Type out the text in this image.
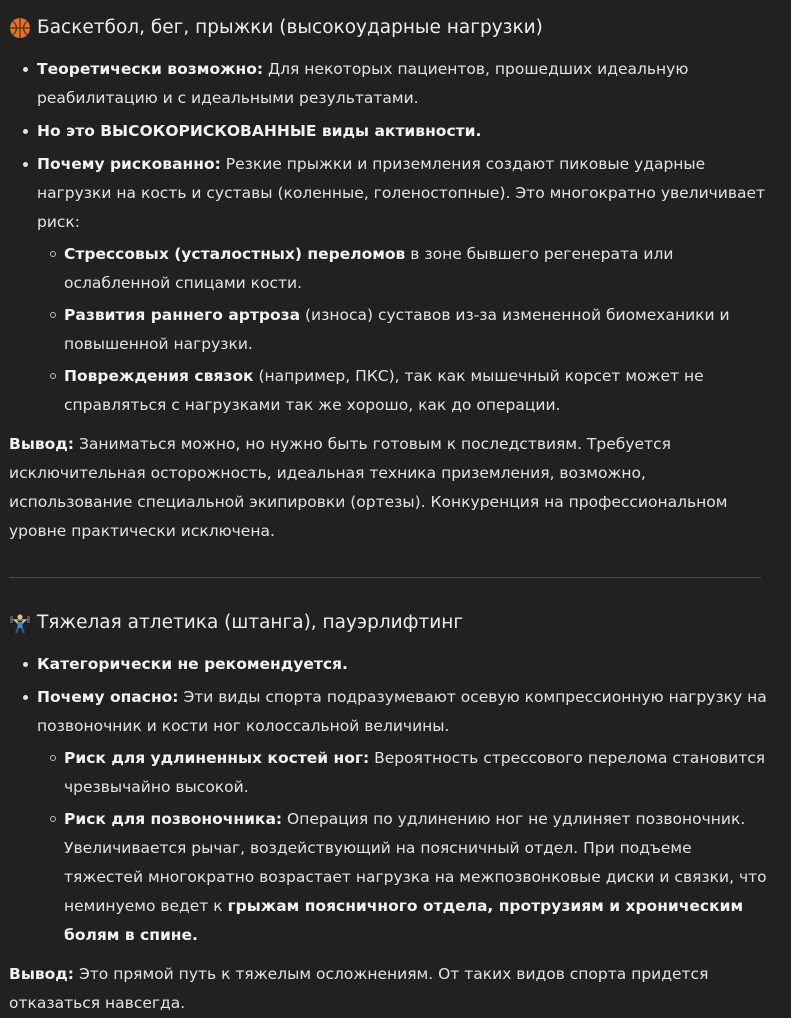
Баскетбол, бег, прыжки (высокоударные нагрузки)
Теоретически возможно: Для некоторых пациентов, прошедших идеальную реабилитацию и с идеальными результатами.
Но это ВЫСОКОРИСКОВАННЫЕ виды активности.
Почему рискованно: Резкие прыжки и приземления создают пиковые ударные нагрузки на кость и суставы (коленные, голеностопные). Это многократно увеличивает риск:
Стрессовых (усталостных) переломов в зоне бывшего регенерата или ослабленной спицами кости.
Развития раннего артроза (износа) суставов из-за измененной биомеханики и повышенной нагрузки.
Повреждения связок (например, ПКС), так как мышечный корсет может не справляться с нагрузками так же хорошо, как до операции.

Вывод: Заниматься можно, но нужно быть готовым к последствиям. Требуется исключительная осторожность, идеальная техника приземления, возможно, использование специальной экипировки (ортезы). Конкуренция на профессиональном уровне практически исключена.

Тяжелая атлетика (штанга), пауэрлифтинг
Категорически не рекомендуется.
Почему опасно: Эти виды спорта подразумевают осевую компрессионную нагрузку на позвоночник и кости ног колоссальной величины.
Риск для удлиненных костей ног: Вероятность стрессового перелома становится чрезвычайно высокой.
Риск для позвоночника: Операция по удлинению ног не удлиняет позвоночник. Увеличивается рычаг, воздействующий на поясничный отдел. При подъеме тяжестей многократно возрастает нагрузка на межпозвонковые диски и связки, что неминуемо ведет к грыжам поясничного отдела, протрузиям и хроническим болям в спине.

Вывод: Это прямой путь к тяжелым осложнениям. От таких видов спорта придется отказаться навсегда.
